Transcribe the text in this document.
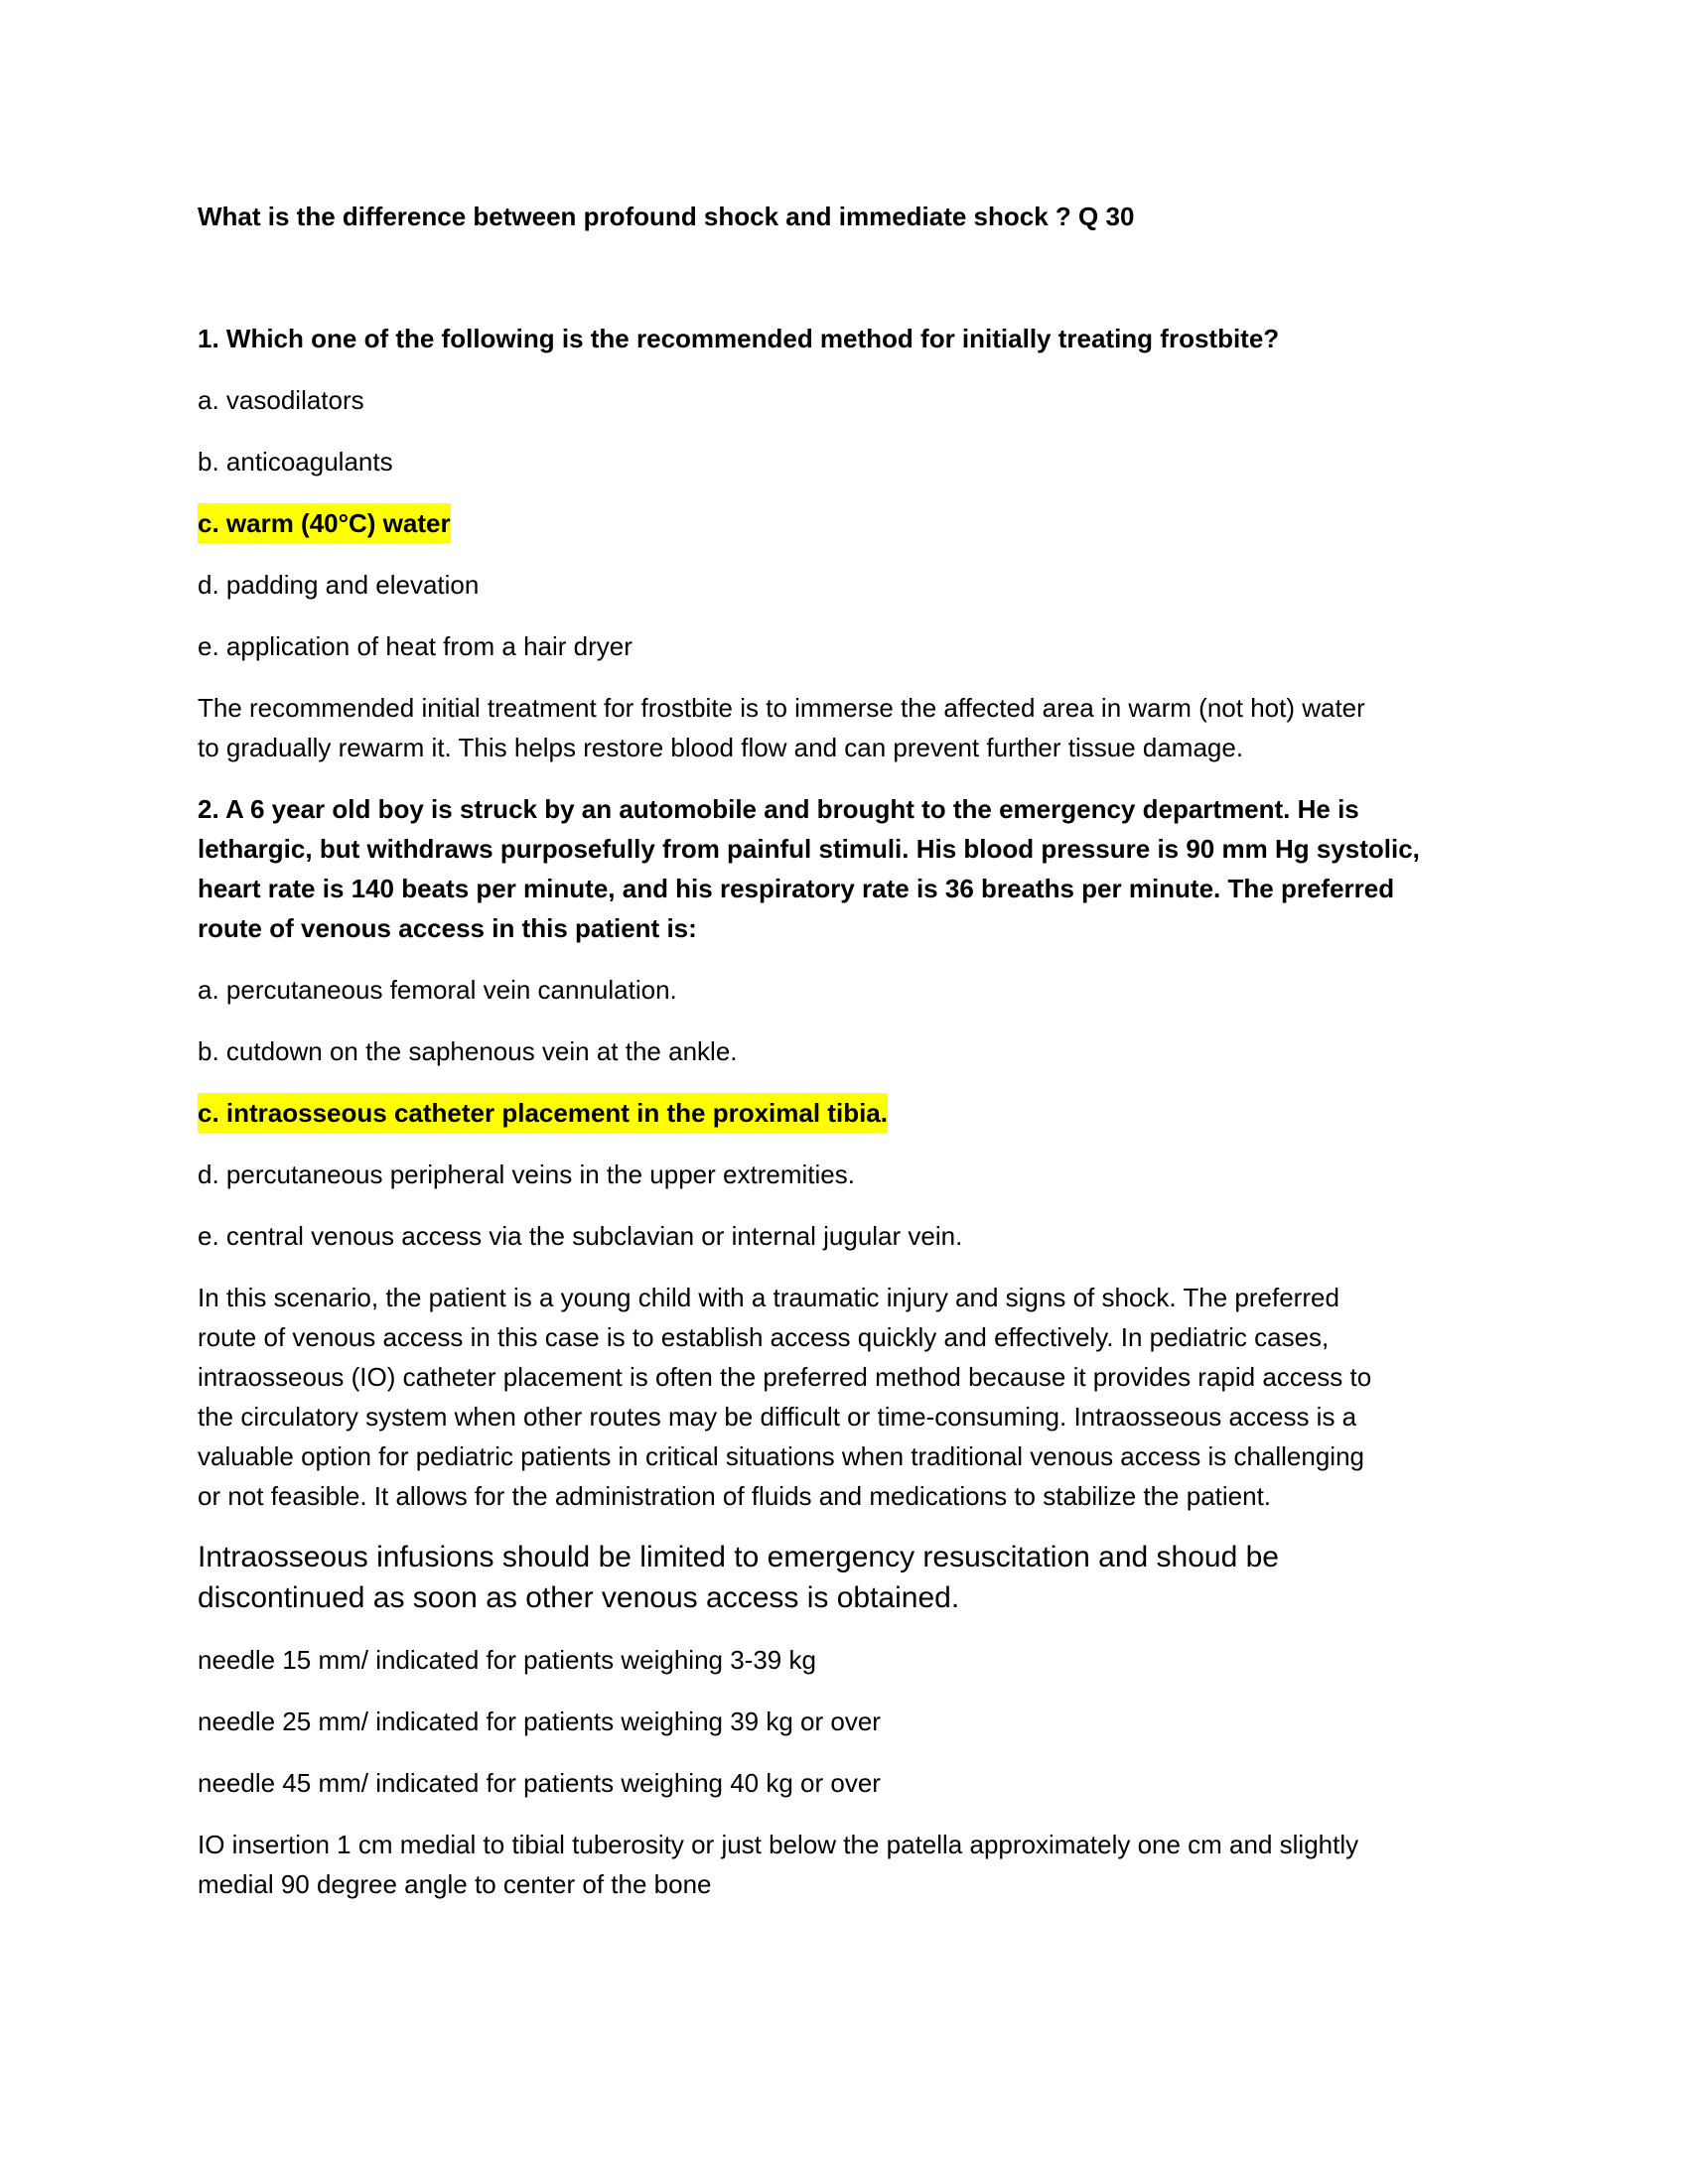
What is the difference between profound shock and immediate shock ? Q 30
1. Which one of the following is the recommended method for initially treating frostbite?
a. vasodilators
b. anticoagulants
c. warm (40°C) water
d. padding and elevation
e. application of heat from a hair dryer
The recommended initial treatment for frostbite is to immerse the affected area in warm (not hot) water
to gradually rewarm it. This helps restore blood flow and can prevent further tissue damage.
2. A 6 year old boy is struck by an automobile and brought to the emergency department. He is
lethargic, but withdraws purposefully from painful stimuli. His blood pressure is 90 mm Hg systolic,
heart rate is 140 beats per minute, and his respiratory rate is 36 breaths per minute. The preferred
route of venous access in this patient is:
a. percutaneous femoral vein cannulation.
b. cutdown on the saphenous vein at the ankle.
c. intraosseous catheter placement in the proximal tibia.
d. percutaneous peripheral veins in the upper extremities.
e. central venous access via the subclavian or internal jugular vein.
In this scenario, the patient is a young child with a traumatic injury and signs of shock. The preferred
route of venous access in this case is to establish access quickly and effectively. In pediatric cases,
intraosseous (IO) catheter placement is often the preferred method because it provides rapid access to
the circulatory system when other routes may be difficult or time-consuming. Intraosseous access is a
valuable option for pediatric patients in critical situations when traditional venous access is challenging
or not feasible. It allows for the administration of fluids and medications to stabilize the patient.
Intraosseous infusions should be limited to emergency resuscitation and shoud be
discontinued as soon as other venous access is obtained.
needle 15 mm/ indicated for patients weighing 3-39 kg
needle 25 mm/ indicated for patients weighing 39 kg or over
needle 45 mm/ indicated for patients weighing 40 kg or over
IO insertion 1 cm medial to tibial tuberosity or just below the patella approximately one cm and slightly
medial 90 degree angle to center of the bone
